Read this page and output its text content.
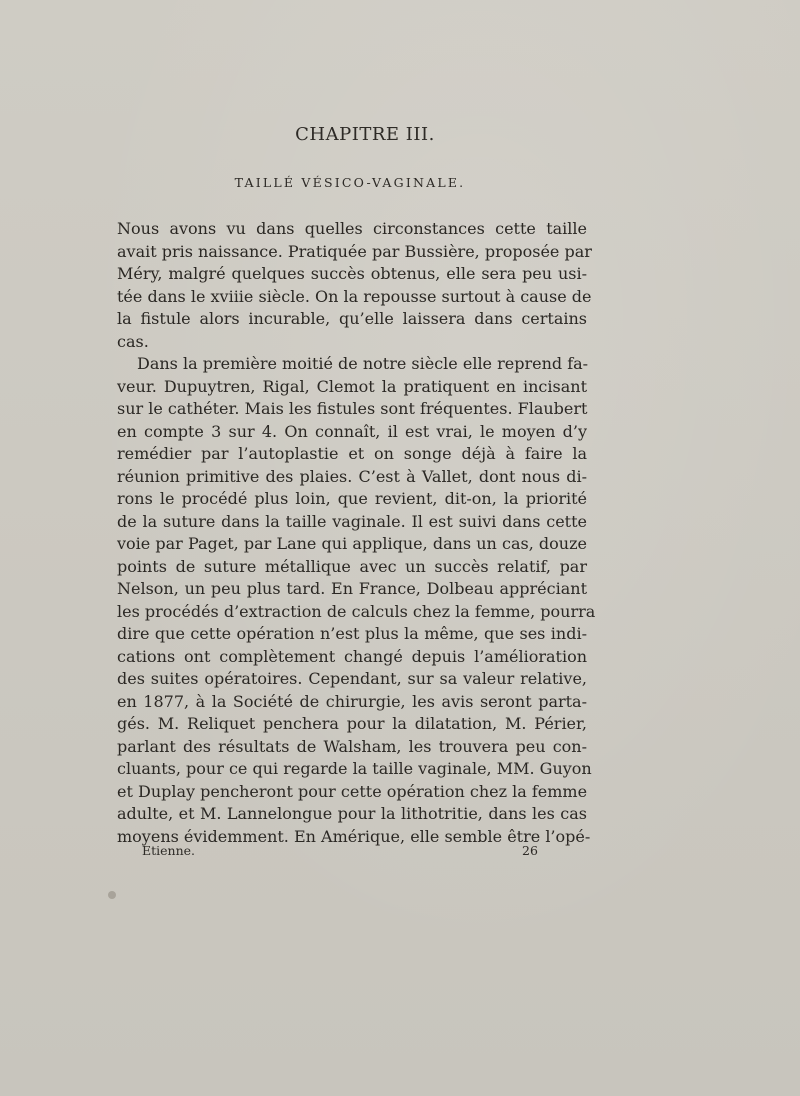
CHAPITRE III.
TAILLÉ VÉSICO-VAGINALE.
Nous avons vu dans quelles circonstances cette taille
avait pris naissance. Pratiquée par Bussière, proposée par
Méry, malgré quelques succès obtenus, elle sera peu usi-
tée dans le xviiie siècle. On la repousse surtout à cause de
la fistule alors incurable, qu’elle laissera dans certains
cas.
Dans la première moitié de notre siècle elle reprend fa-
veur. Dupuytren, Rigal, Clemot la pratiquent en incisant
sur le cathéter. Mais les fistules sont fréquentes. Flaubert
en compte 3 sur 4. On connaît, il est vrai, le moyen d’y
remédier par l’autoplastie et on songe déjà à faire la
réunion primitive des plaies. C’est à Vallet, dont nous di-
rons le procédé plus loin, que revient, dit-on, la priorité
de la suture dans la taille vaginale. Il est suivi dans cette
voie par Paget, par Lane qui applique, dans un cas, douze
points de suture métallique avec un succès relatif, par
Nelson, un peu plus tard. En France, Dolbeau appréciant
les procédés d’extraction de calculs chez la femme, pourra
dire que cette opération n’est plus la même, que ses indi-
cations ont complètement changé depuis l’amélioration
des suites opératoires. Cependant, sur sa valeur relative,
en 1877, à la Société de chirurgie, les avis seront parta-
gés. M. Reliquet penchera pour la dilatation, M. Périer,
parlant des résultats de Walsham, les trouvera peu con-
cluants, pour ce qui regarde la taille vaginale, MM. Guyon
et Duplay pencheront pour cette opération chez la femme
adulte, et M. Lannelongue pour la lithotritie, dans les cas
moyens évidemment. En Amérique, elle semble être l’opé-
Etienne.	26
